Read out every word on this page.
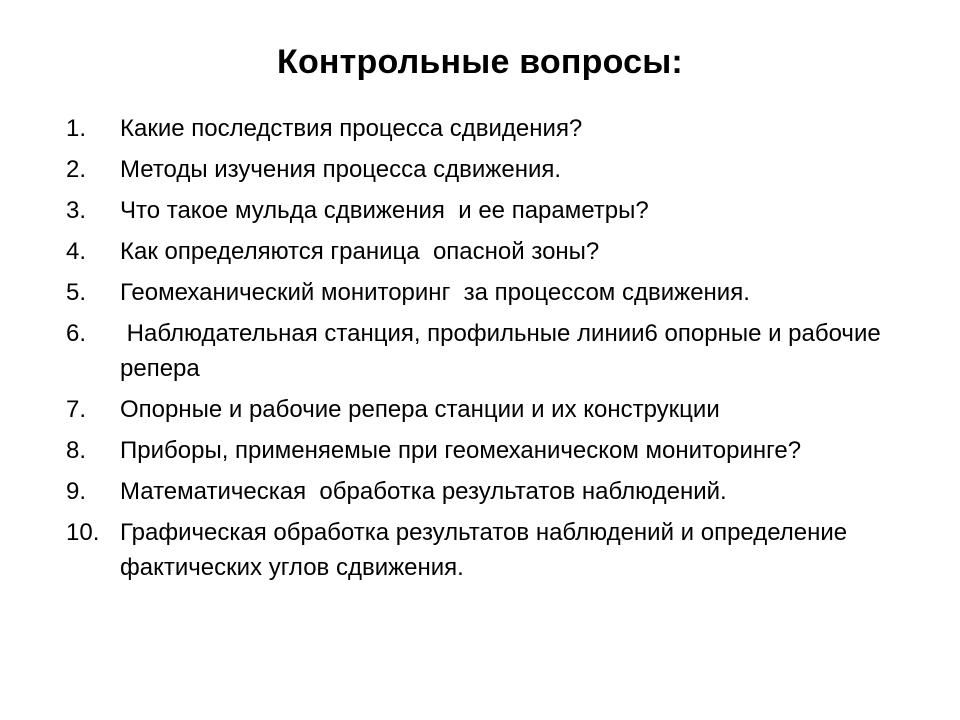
Контрольные вопросы:
1.	Какие последствия процесса сдвидения?
2.	Методы изучения процесса сдвижения.
3.	Что такое мульда сдвижения  и ее параметры?
4.	Как определяются граница  опасной зоны?
5.	Геомеханический мониторинг  за процессом сдвижения.
6.	Наблюдательная станция, профильные линии6 опорные и рабочие репера
7.	Опорные и рабочие репера станции и их конструкции
8.	Приборы, применяемые при геомеханическом мониторинге?
9.	Математическая  обработка результатов наблюдений.
10. Графическая обработка результатов наблюдений и определение фактических углов сдвижения.
